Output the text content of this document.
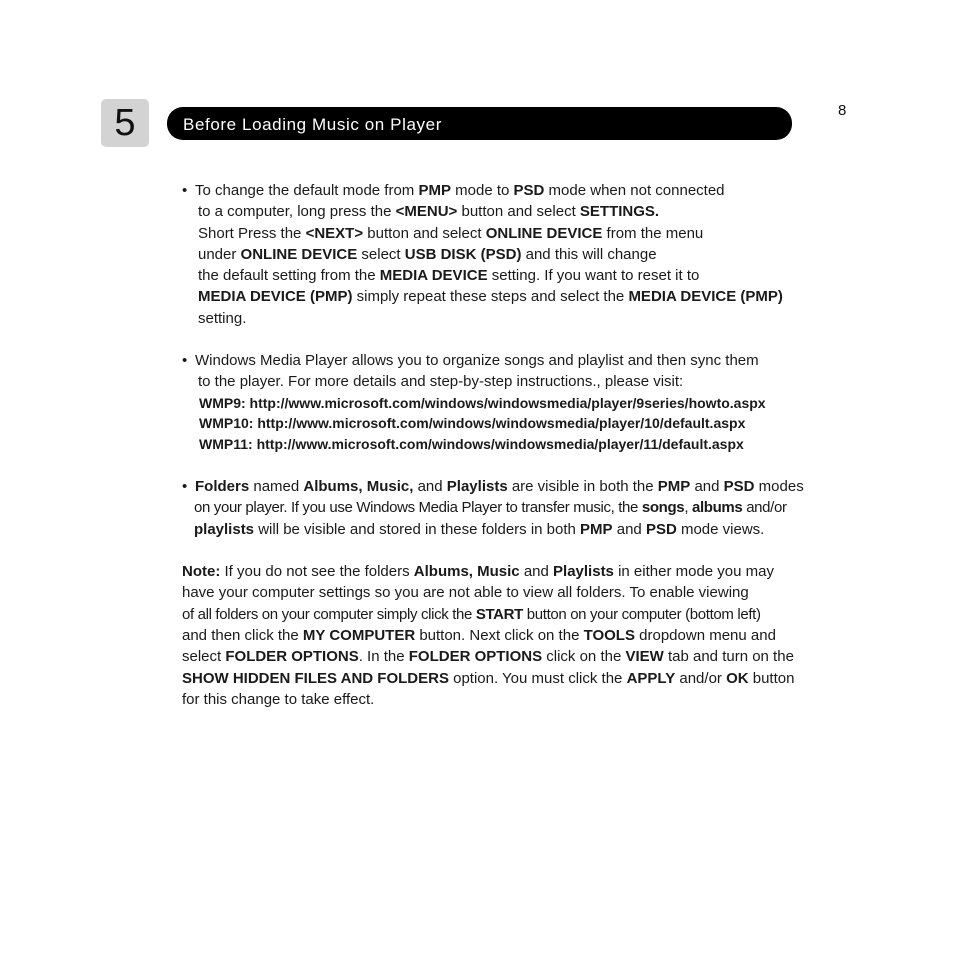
5	Before Loading Music on Player
8
• To change the default mode from PMP mode to PSD mode when not connected
to a computer, long press the <MENU> button and select SETTINGS.
Short Press the <NEXT> button and select ONLINE DEVICE from the menu
under ONLINE DEVICE select USB DISK (PSD) and this will change
the default setting from the MEDIA DEVICE setting. If you want to reset it to
MEDIA DEVICE (PMP) simply repeat these steps and select the MEDIA DEVICE (PMP)
setting.
• Windows Media Player allows you to organize songs and playlist and then sync them
to the player. For more details and step-by-step instructions., please visit:
WMP9: http://www.microsoft.com/windows/windowsmedia/player/9series/howto.aspx
WMP10: http://www.microsoft.com/windows/windowsmedia/player/10/default.aspx
WMP11: http://www.microsoft.com/windows/windowsmedia/player/11/default.aspx
• Folders named Albums, Music, and Playlists are visible in both the PMP and PSD modes
on your player. If you use Windows Media Player to transfer music, the songs, albums and/or
playlists will be visible and stored in these folders in both PMP and PSD mode views.
Note: If you do not see the folders Albums, Music and Playlists in either mode you may
have your computer settings so you are not able to view all folders. To enable viewing
of all folders on your computer simply click the START button on your computer (bottom left)
and then click the MY COMPUTER button. Next click on the TOOLS dropdown menu and
select FOLDER OPTIONS. In the FOLDER OPTIONS click on the VIEW tab and turn on the
SHOW HIDDEN FILES AND FOLDERS option. You must click the APPLY and/or OK button
for this change to take effect.
